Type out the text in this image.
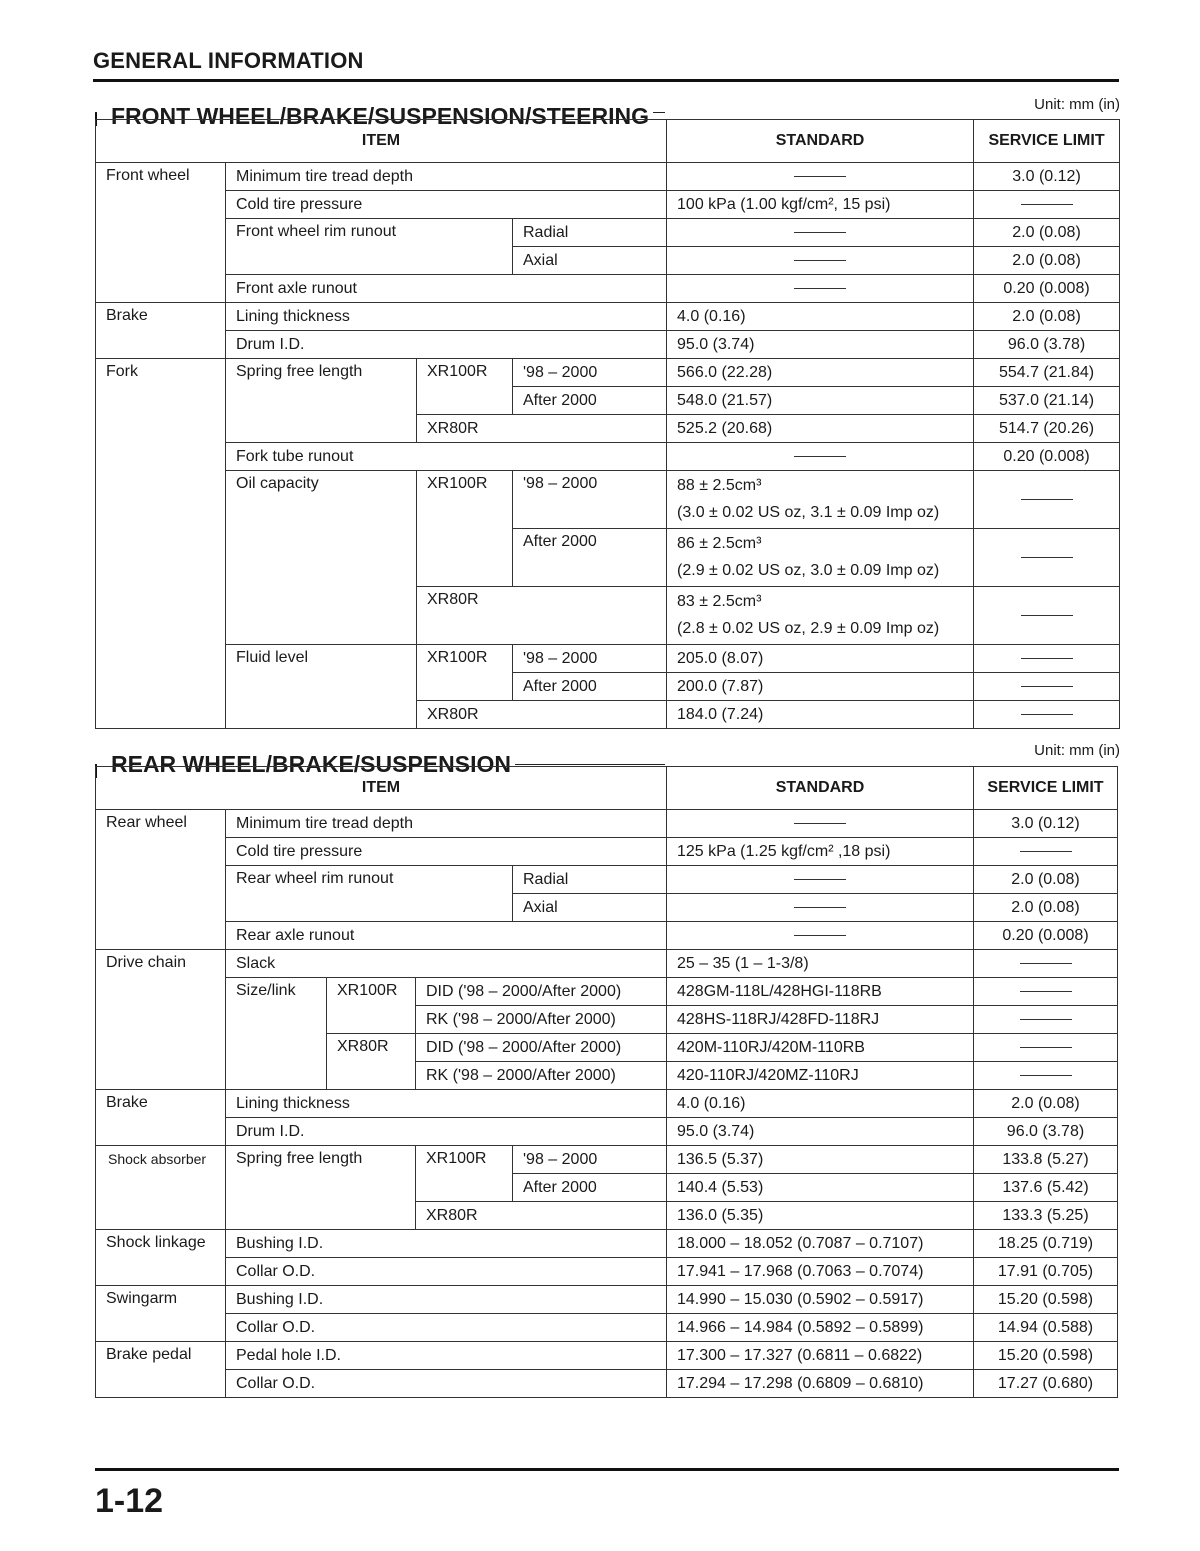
GENERAL INFORMATION
FRONT WHEEL/BRAKE/SUSPENSION/STEERING	Unit: mm (in)
ITEM				STANDARD	SERVICE LIMIT
Front wheel	Minimum tire tread depth				3.0 (0.12)
	Cold tire pressure			100 kPa (1.00 kgf/cm², 15 psi)	
	Front wheel rim runout		Radial		2.0 (0.08)
			Axial		2.0 (0.08)
	Front axle runout				0.20 (0.008)
Brake	Lining thickness			4.0 (0.16)	2.0 (0.08)
	Drum I.D.			95.0 (3.74)	96.0 (3.78)
Fork	Spring free length	XR100R	'98 – 2000	566.0 (22.28)	554.7 (21.84)
			After 2000	548.0 (21.57)	537.0 (21.14)
		XR80R		525.2 (20.68)	514.7 (20.26)
	Fork tube runout				0.20 (0.008)
	Oil capacity	XR100R	'98 – 2000	88 ± 2.5cm³
(3.0 ± 0.02 US oz, 3.1 ± 0.09 Imp oz)	
			After 2000	86 ± 2.5cm³
(2.9 ± 0.02 US oz, 3.0 ± 0.09 Imp oz)	
		XR80R		83 ± 2.5cm³
(2.8 ± 0.02 US oz, 2.9 ± 0.09 Imp oz)	
	Fluid level	XR100R	'98 – 2000	205.0 (8.07)	
			After 2000	200.0 (7.87)	
		XR80R		184.0 (7.24)	
REAR WHEEL/BRAKE/SUSPENSION
Unit: mm (in)
ITEM					STANDARD	SERVICE LIMIT
Rear wheel	Minimum tire tread depth					3.0 (0.12)
	Cold tire pressure				125 kPa (1.25 kgf/cm² ,18 psi)	
	Rear wheel rim runout			Radial		2.0 (0.08)
				Axial		2.0 (0.08)
	Rear axle runout					0.20 (0.008)
Drive chain	Slack				25 – 35 (1 – 1-3/8)	
	Size/link	XR100R	DID ('98 – 2000/After 2000)		428GM-118L/428HGI-118RB	
			RK ('98 – 2000/After 2000)		428HS-118RJ/428FD-118RJ	
		XR80R	DID ('98 – 2000/After 2000)		420M-110RJ/420M-110RB	
			RK ('98 – 2000/After 2000)		420-110RJ/420MZ-110RJ	
Brake	Lining thickness				4.0 (0.16)	2.0 (0.08)
	Drum I.D.				95.0 (3.74)	96.0 (3.78)
Shock absorber	Spring free length		XR100R	'98 – 2000	136.5 (5.37)	133.8 (5.27)
				After 2000	140.4 (5.53)	137.6 (5.42)
			XR80R		136.0 (5.35)	133.3 (5.25)
Shock linkage	Bushing I.D.				18.000 – 18.052 (0.7087 – 0.7107)	18.25 (0.719)
	Collar O.D.				17.941 – 17.968 (0.7063 – 0.7074)	17.91 (0.705)
Swingarm	Bushing I.D.				14.990 – 15.030 (0.5902 – 0.5917)	15.20 (0.598)
	Collar O.D.				14.966 – 14.984 (0.5892 – 0.5899)	14.94 (0.588)
Brake pedal	Pedal hole I.D.				17.300 – 17.327 (0.6811 – 0.6822)	15.20 (0.598)
	Collar O.D.				17.294 – 17.298 (0.6809 – 0.6810)	17.27 (0.680)
1-12
